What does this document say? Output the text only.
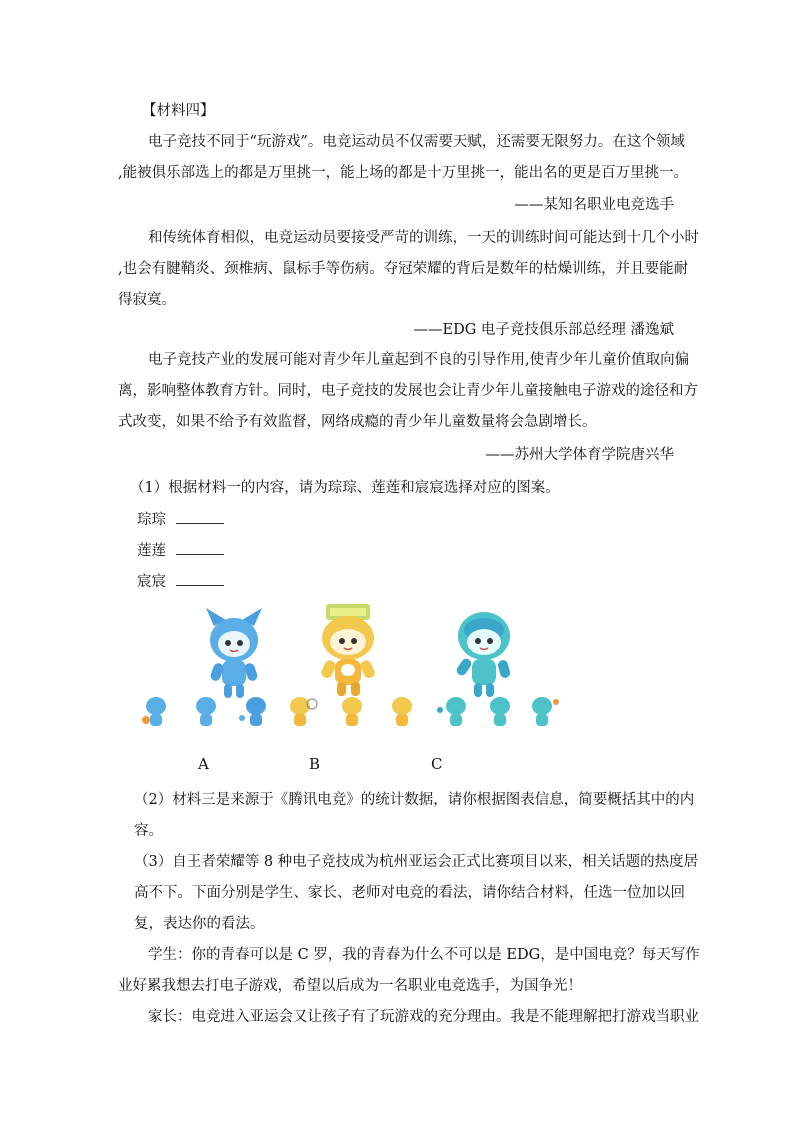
【材料四】
电子竞技不同于“玩游戏”。电竞运动员不仅需要天赋，还需要无限努力。在这个领域
,能被俱乐部选上的都是万里挑一，能上场的都是十万里挑一，能出名的更是百万里挑一。
——某知名职业电竞选手
和传统体育相似，电竞运动员要接受严苛的训练，一天的训练时间可能达到十几个小时
,也会有腱鞘炎、颈椎病、鼠标手等伤病。夺冠荣耀的背后是数年的枯燥训练，并且要能耐
得寂寞。
——EDG 电子竞技俱乐部总经理 潘逸斌
电子竞技产业的发展可能对青少年儿童起到不良的引导作用,使青少年儿童价值取向偏
离，影响整体教育方针。同时，电子竞技的发展也会让青少年儿童接触电子游戏的途径和方
式改变，如果不给予有效监督，网络成瘾的青少年儿童数量将会急剧增长。
——苏州大学体育学院唐兴华
（1）根据材料一的内容，请为琮琮、莲莲和宸宸选择对应的图案。
琮琮
莲莲
宸宸
A	B	C
（2）材料三是来源于《腾讯电竞》的统计数据，请你根据图表信息，简要概括其中的内
容。
（3）自王者荣耀等 8 种电子竞技成为杭州亚运会正式比赛项目以来，相关话题的热度居
高不下。下面分别是学生、家长、老师对电竞的看法，请你结合材料，任选一位加以回
复，表达你的看法。
学生：你的青春可以是 C 罗，我的青春为什么不可以是 EDG，是中国电竞？每天写作
业好累我想去打电子游戏，希望以后成为一名职业电竞选手，为国争光！
家长：电竞进入亚运会又让孩子有了玩游戏的充分理由。我是不能理解把打游戏当职业
